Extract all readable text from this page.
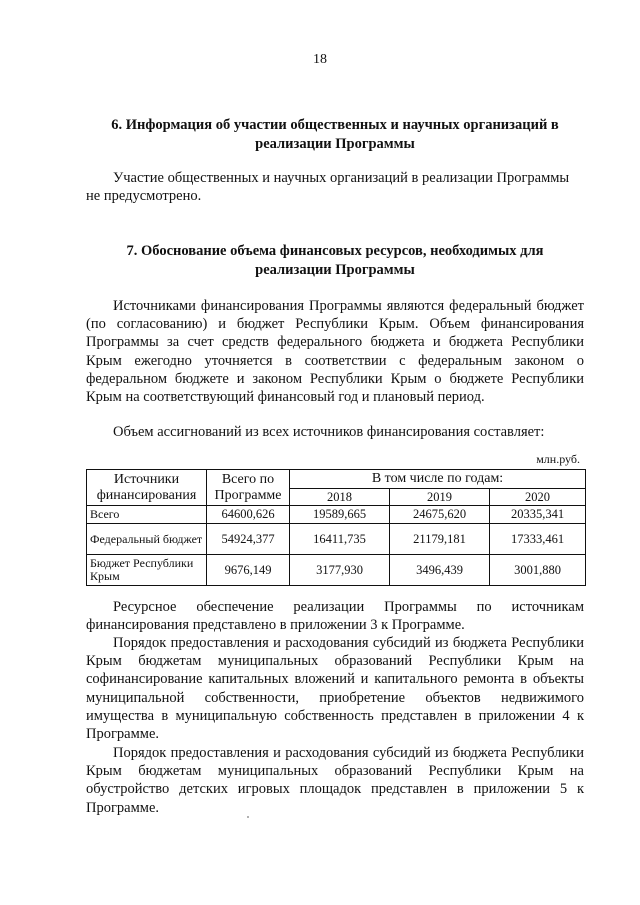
18
6. Информация об участии общественных и научных организаций в
реализации Программы

Участие общественных и научных организаций в реализации Программы не предусмотрено.

7. Обоснование объема финансовых ресурсов, необходимых для
реализации Программы

Источниками финансирования Программы являются федеральный бюджет (по согласованию) и бюджет Республики Крым. Объем финансирования Программы за счет средств федерального бюджета и бюджета Республики Крым ежегодно уточняется в соответствии с федеральным законом о федеральном бюджете и законом Республики Крым о бюджете Республики Крым на соответствующий финансовый год и плановый период.

Объем ассигнований из всех источников финансирования составляет:

млн.руб.
Источники финансирования	Всего по Программе	В том числе по годам:		
		2018	2019	2020
Всего	64600,626	19589,665	24675,620	20335,341
Федеральный бюджет	54924,377	16411,735	21179,181	17333,461
Бюджет Республики Крым	9676,149	3177,930	3496,439	3001,880

Ресурсное обеспечение реализации Программы по источникам финансирования представлено в приложении 3 к Программе.

Порядок предоставления и расходования субсидий из бюджета Республики Крым бюджетам муниципальных образований Республики Крым на софинансирование капитальных вложений и капитального ремонта в объекты муниципальной собственности, приобретение объектов недвижимого имущества в муниципальную собственность представлен в приложении 4 к Программе.

Порядок предоставления и расходования субсидий из бюджета Республики Крым бюджетам муниципальных образований Республики Крым на обустройство детских игровых площадок представлен в приложении 5 к Программе.
